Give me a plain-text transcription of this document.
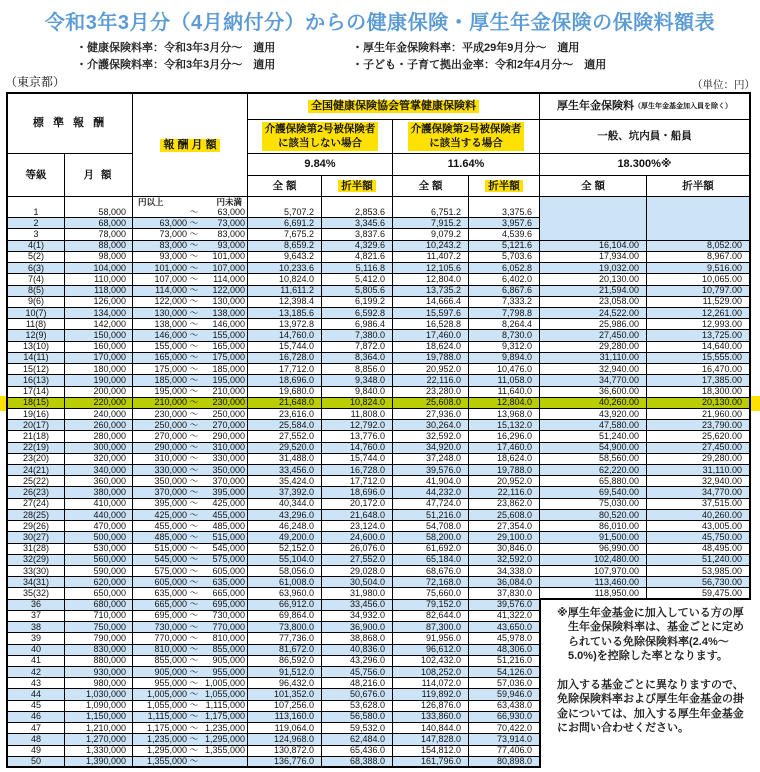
令和3年3月分（4月納付分）からの健康保険・厚生年金保険の保険料額表
・健康保険料率：令和3年3月分～　適用
・介護保険料率：令和3年3月分～　適用
・厚生年金保険料率：平成29年9月分～　適用
・子ども・子育て拠出金率：令和2年4月分～　適用
（東京都）	（単位：円）
標 準 報 酬
報 酬 月 額
全国健康保険協会管掌健康保険料	厚生年金保険料 （厚生年金基金加入員を除く）
介護保険第2号被保険者
に該当しない場合
介護保険第2号被保険者
に該当する場合
一般、坑内員・船員
等級	月 額
9.84%	11.64%	18.300%※
全 額	折半額	全 額	折半額	全 額	折半額
円以上	円未満
1	58,000	～	63,000	5,707.2	2,853.6	6,751.2	3,375.6
2	68,000	63,000 ～	73,000	6,691.2	3,345.6	7,915.2	3,957.6
3	78,000	73,000 ～	83,000	7,675.2	3,837.6	9,079.2	4,539.6
4(1)	88,000	83,000 ～	93,000	8,659.2	4,329.6	10,243.2	5,121.6	16,104.00	8,052.00
5(2)	98,000	93,000 ～	101,000	9,643.2	4,821.6	11,407.2	5,703.6	17,934.00	8,967.00
6(3)	104,000	101,000 ～	107,000	10,233.6	5,116.8	12,105.6	6,052.8	19,032.00	9,516.00
7(4)	110,000	107,000 ～	114,000	10,824.0	5,412.0	12,804.0	6,402.0	20,130.00	10,065.00
8(5)	118,000	114,000 ～	122,000	11,611.2	5,805.6	13,735.2	6,867.6	21,594.00	10,797.00
9(6)	126,000	122,000 ～	130,000	12,398.4	6,199.2	14,666.4	7,333.2	23,058.00	11,529.00
10(7)	134,000	130,000 ～	138,000	13,185.6	6,592.8	15,597.6	7,798.8	24,522.00	12,261.00
11(8)	142,000	138,000 ～	146,000	13,972.8	6,986.4	16,528.8	8,264.4	25,986.00	12,993.00
12(9)	150,000	146,000 ～	155,000	14,760.0	7,380.0	17,460.0	8,730.0	27,450.00	13,725.00
13(10)	160,000	155,000 ～	165,000	15,744.0	7,872.0	18,624.0	9,312.0	29,280.00	14,640.00
14(11)	170,000	165,000 ～	175,000	16,728.0	8,364.0	19,788.0	9,894.0	31,110.00	15,555.00
15(12)	180,000	175,000 ～	185,000	17,712.0	8,856.0	20,952.0	10,476.0	32,940.00	16,470.00
16(13)	190,000	185,000 ～	195,000	18,696.0	9,348.0	22,116.0	11,058.0	34,770.00	17,385.00
17(14)	200,000	195,000 ～	210,000	19,680.0	9,840.0	23,280.0	11,640.0	36,600.00	18,300.00
18(15)	220,000	210,000 ～	230,000	21,648.0	10,824.0	25,608.0	12,804.0	40,260.00	20,130.00
19(16)	240,000	230,000 ～	250,000	23,616.0	11,808.0	27,936.0	13,968.0	43,920.00	21,960.00
20(17)	260,000	250,000 ～	270,000	25,584.0	12,792.0	30,264.0	15,132.0	47,580.00	23,790.00
21(18)	280,000	270,000 ～	290,000	27,552.0	13,776.0	32,592.0	16,296.0	51,240.00	25,620.00
22(19)	300,000	290,000 ～	310,000	29,520.0	14,760.0	34,920.0	17,460.0	54,900.00	27,450.00
23(20)	320,000	310,000 ～	330,000	31,488.0	15,744.0	37,248.0	18,624.0	58,560.00	29,280.00
24(21)	340,000	330,000 ～	350,000	33,456.0	16,728.0	39,576.0	19,788.0	62,220.00	31,110.00
25(22)	360,000	350,000 ～	370,000	35,424.0	17,712.0	41,904.0	20,952.0	65,880.00	32,940.00
26(23)	380,000	370,000 ～	395,000	37,392.0	18,696.0	44,232.0	22,116.0	69,540.00	34,770.00
27(24)	410,000	395,000 ～	425,000	40,344.0	20,172.0	47,724.0	23,862.0	75,030.00	37,515.00
28(25)	440,000	425,000 ～	455,000	43,296.0	21,648.0	51,216.0	25,608.0	80,520.00	40,260.00
29(26)	470,000	455,000 ～	485,000	46,248.0	23,124.0	54,708.0	27,354.0	86,010.00	43,005.00
30(27)	500,000	485,000 ～	515,000	49,200.0	24,600.0	58,200.0	29,100.0	91,500.00	45,750.00
31(28)	530,000	515,000 ～	545,000	52,152.0	26,076.0	61,692.0	30,846.0	96,990.00	48,495.00
32(29)	560,000	545,000 ～	575,000	55,104.0	27,552.0	65,184.0	32,592.0	102,480.00	51,240.00
33(30)	590,000	575,000 ～	605,000	58,056.0	29,028.0	68,676.0	34,338.0	107,970.00	53,985.00
34(31)	620,000	605,000 ～	635,000	61,008.0	30,504.0	72,168.0	36,084.0	113,460.00	56,730.00
35(32)	650,000	635,000 ～	665,000	63,960.0	31,980.0	75,660.0	37,830.0	118,950.00	59,475.00
36	680,000	665,000 ～	695,000	66,912.0	33,456.0	79,152.0	39,576.0
37	710,000	695,000 ～	730,000	69,864.0	34,932.0	82,644.0	41,322.0
38	750,000	730,000 ～	770,000	73,800.0	36,900.0	87,300.0	43,650.0
39	790,000	770,000 ～	810,000	77,736.0	38,868.0	91,956.0	45,978.0
40	830,000	810,000 ～	855,000	81,672.0	40,836.0	96,612.0	48,306.0
41	880,000	855,000 ～	905,000	86,592.0	43,296.0	102,432.0	51,216.0
42	930,000	905,000 ～	955,000	91,512.0	45,756.0	108,252.0	54,126.0
43	980,000	955,000 ～ 1,005,000	96,432.0	48,216.0	114,072.0	57,036.0
44	1,030,000	1,005,000 ～ 1,055,000	101,352.0	50,676.0	119,892.0	59,946.0
45	1,090,000	1,055,000 ～ 1,115,000	107,256.0	53,628.0	126,876.0	63,438.0
46	1,150,000	1,115,000 ～ 1,175,000	113,160.0	56,580.0	133,860.0	66,930.0
47	1,210,000	1,175,000 ～ 1,235,000	119,064.0	59,532.0	140,844.0	70,422.0
48	1,270,000	1,235,000 ～ 1,295,000	124,968.0	62,484.0	147,828.0	73,914.0
49	1,330,000	1,295,000 ～ 1,355,000	130,872.0	65,436.0	154,812.0	77,406.0
50	1,390,000	1,355,000 ～	136,776.0	68,388.0	161,796.0	80,898.0
※厚生年金基金に加入している方の厚生年金保険料率は、基金ごとに定められている免除保険料率(2.4%～5.0%)を控除した率となります。
加入する基金ごとに異なりますので、免除保険料率および厚生年金基金の掛金については、加入する厚生年金基金にお問い合わせください。
